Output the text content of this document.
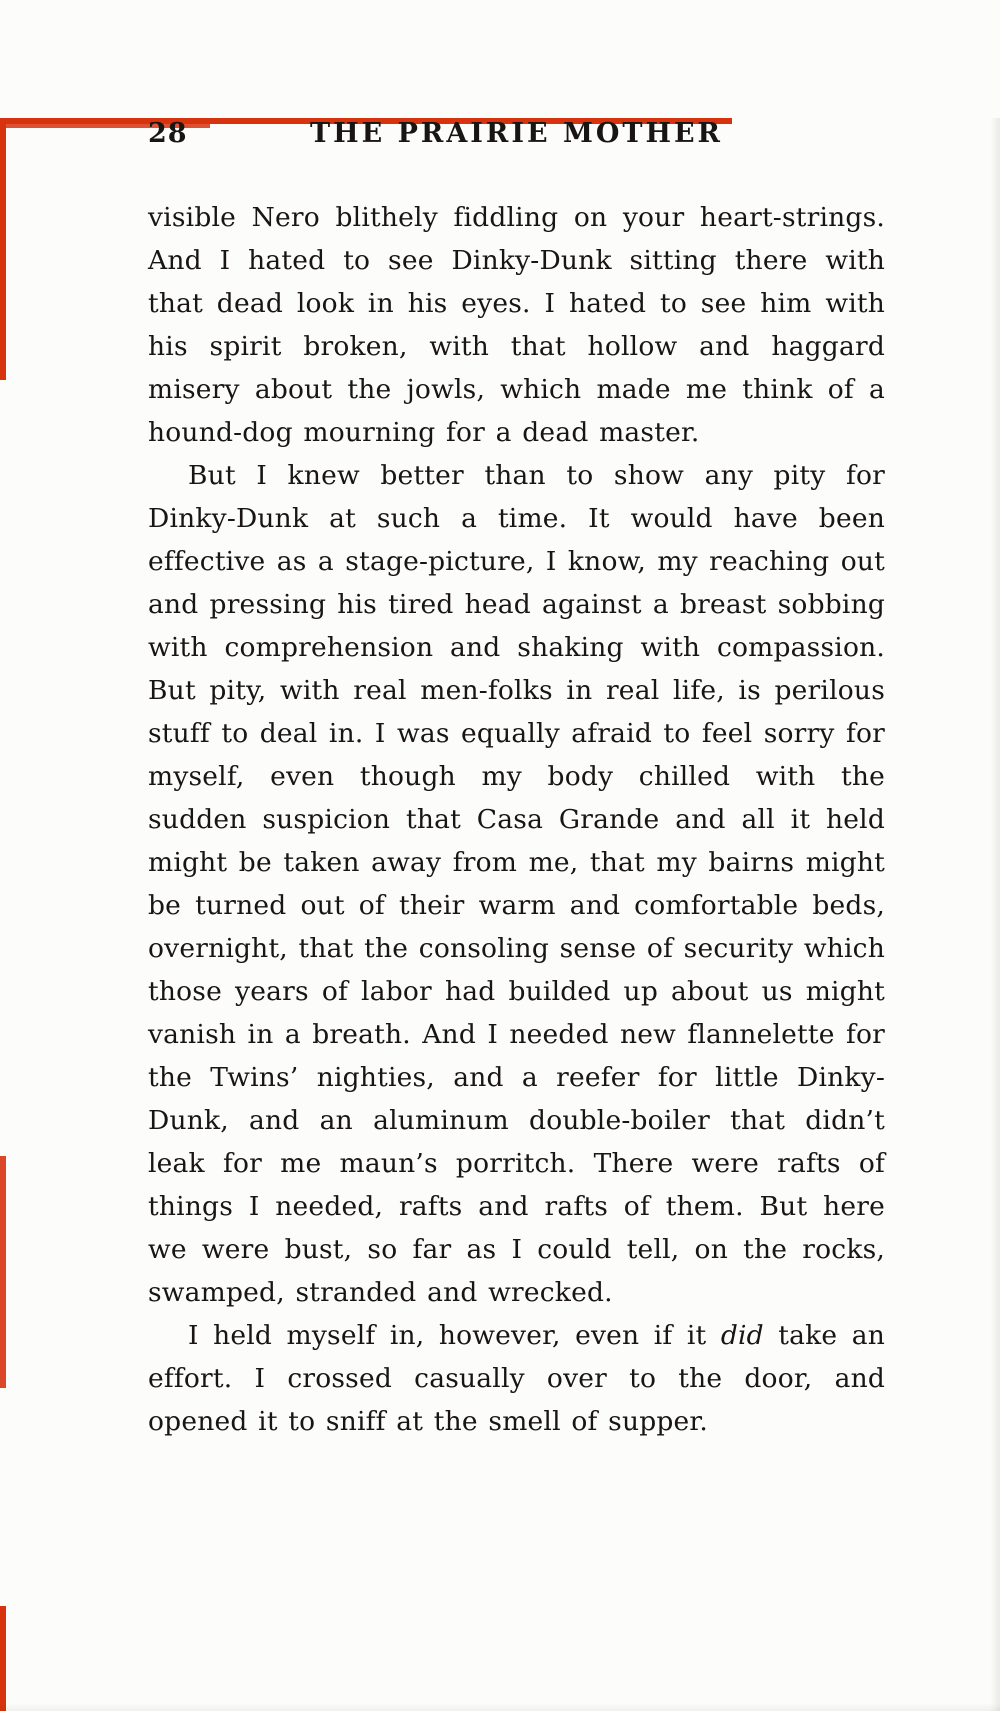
28	THE PRAIRIE MOTHER

visible Nero blithely fiddling on your heart-strings. And I hated to see Dinky-Dunk sitting there with that dead look in his eyes. I hated to see him with his spirit broken, with that hollow and haggard misery about the jowls, which made me think of a hound-dog mourning for a dead master.

But I knew better than to show any pity for Dinky-Dunk at such a time. It would have been effective as a stage-picture, I know, my reaching out and pressing his tired head against a breast sobbing with comprehension and shaking with compassion. But pity, with real men-folks in real life, is perilous stuff to deal in. I was equally afraid to feel sorry for myself, even though my body chilled with the sudden suspicion that Casa Grande and all it held might be taken away from me, that my bairns might be turned out of their warm and comfortable beds, overnight, that the consoling sense of security which those years of labor had builded up about us might vanish in a breath. And I needed new flannelette for the Twins’ nighties, and a reefer for little Dinky-Dunk, and an aluminum double-boiler that didn’t leak for me maun’s porritch. There were rafts of things I needed, rafts and rafts of them. But here we were bust, so far as I could tell, on the rocks, swamped, stranded and wrecked.

I held myself in, however, even if it did take an effort. I crossed casually over to the door, and opened it to sniff at the smell of supper.
